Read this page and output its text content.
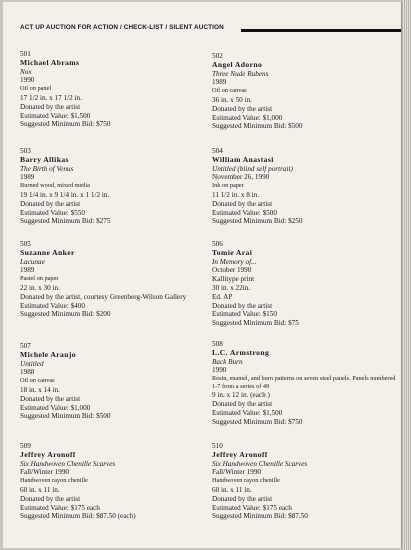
ACT UP AUCTION FOR ACTION / CHECK-LIST / SILENT AUCTION
501
Michael Abrams
Nox
1990
Oil on panel
17 1/2 in. x 17 1/2 in.
Donated by the artist
Estimated Value: $1,500
Suggested Minimum Bid: $750
502
Angel Adorno
Three Nude Rubens
1989
Oil on canvas
36 in. x 50 in.
Donated by the artist
Estimated Value: $1,000
Suggested Minimum Bid: $500
503
Barry Allikas
The Birth of Venus
1989
Burned wood, mixed media
19 1/4 in. x 9 1/4 in. x 1 1/2 in.
Donated by the artist
Estimated Value: $550
Suggested Minimum Bid: $275
504
William Anastasi
Untitled (blind self portrait)
November 26, 1990
Ink on paper
11 1/2 in. x 8 in.
Donated by the artist
Estimated Value: $500
Suggested Minimum Bid: $250
505
Suzanne Anker
Lacunae
1989
Pastel on paper
22 in. x 30 in.
Donated by the artist, courtesy Greenberg-Wilson Gallery
Estimated Value: $400
Suggested Minimum Bid: $200
506
Tomie Arai
In Memory of...
October 1990
Kallitype print
30 in. x 22in.
Ed. AP
Donated by the artist
Estimated Value: $150
Suggested Minimum Bid: $75
507
Michele Araujo
Untitled
1988
Oil on canvas
18 in. x 14 in.
Donated by the artist
Estimated Value: $1,000
Suggested Minimum Bid: $500
508
L.C. Armstrong
Back Burn
1990
Resin, enamel, and burn patterns on seven steel panels. Panels numbered 1-7 from a series of 49
9 in. x 12 in. (each )
Donated by the artist
Estimated Value: $1,500
Suggested Minimum Bid: $750
509
Jeffrey Aronoff
Six Handwoven Chenille Scarves
Fall/Winter 1990
Handwoven rayon chenille
60 in. x 11 in.
Donated by the artist
Estimated Value: $175 each
Suggested Minimum Bid: $87.50 (each)
510
Jeffrey Aronoff
Six Handwoven Chenille Scarves
Fall/Winter 1990
Handwoven rayon chenille
60 in. x 11 in.
Donated by the artist
Estimated Value: $175 each
Suggested Minimum Bid: $87.50
